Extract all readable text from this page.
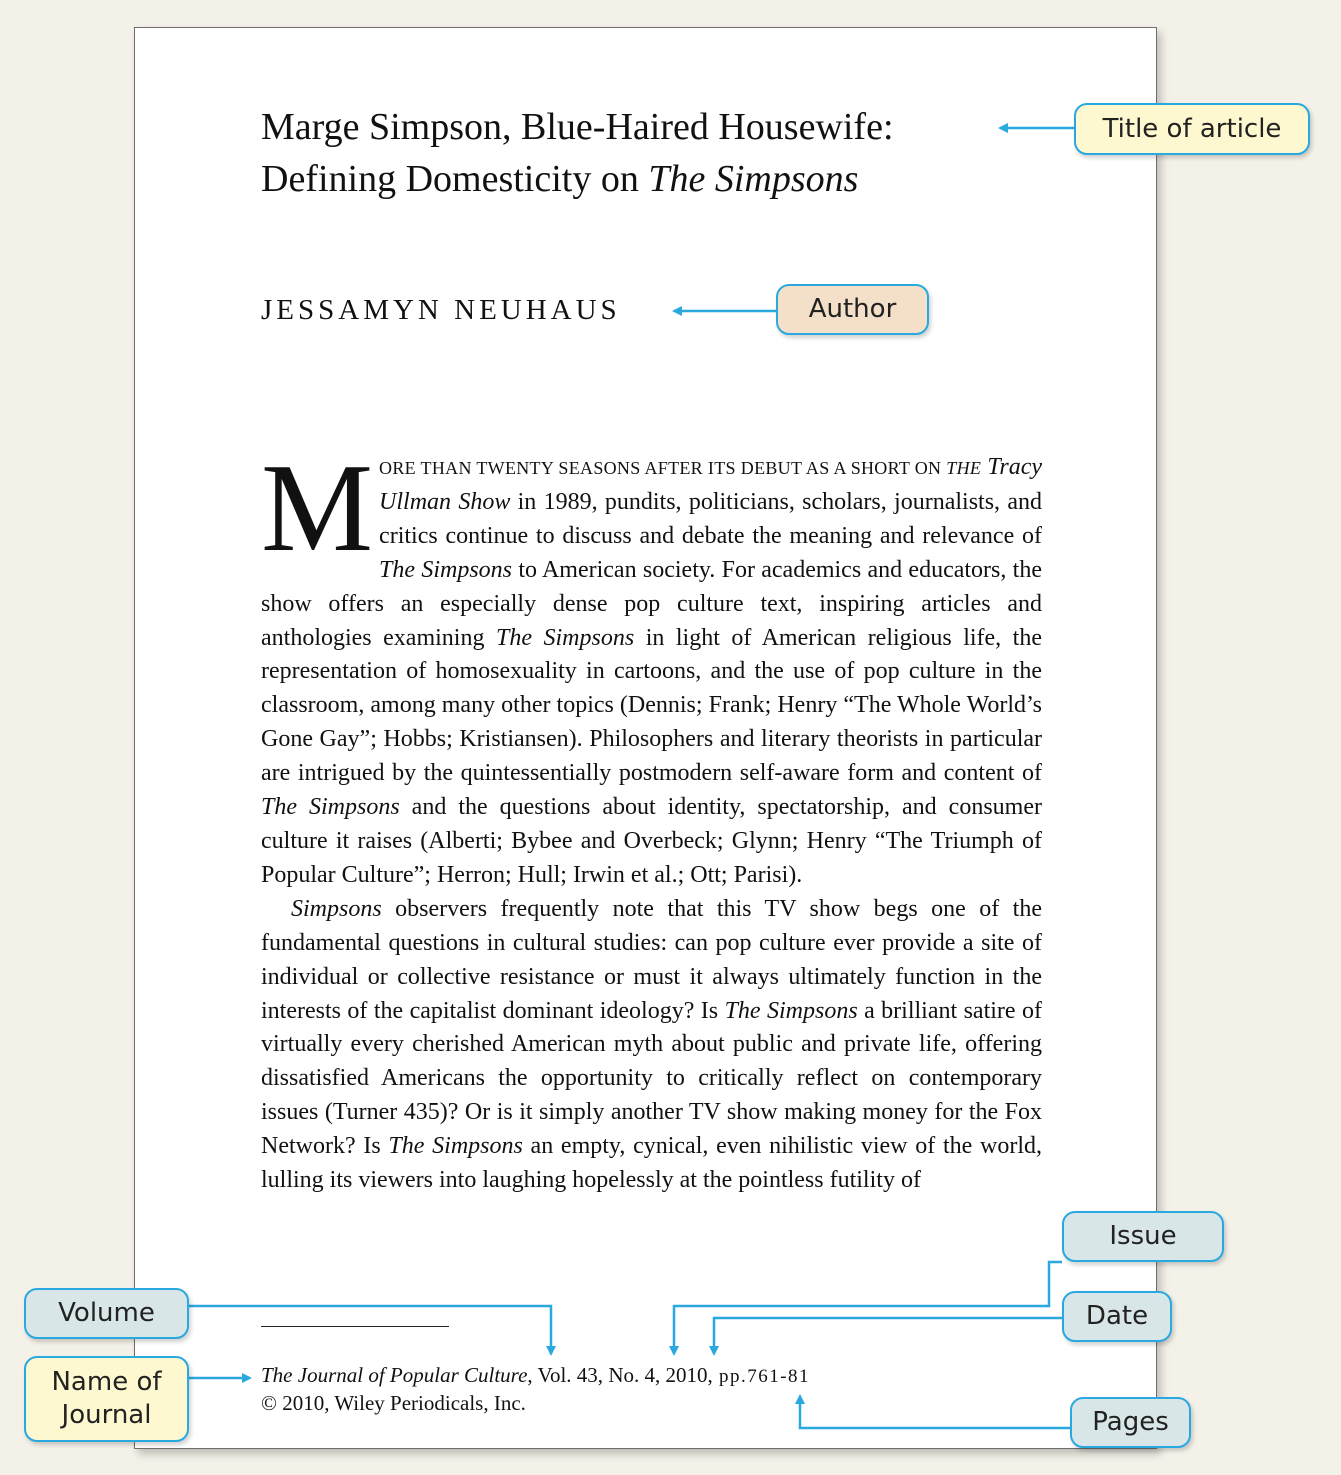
Marge Simpson, Blue-Haired Housewife:
Defining Domesticity on The Simpsons
JESSAMYN NEUHAUS

MORE THAN TWENTY SEASONS AFTER ITS DEBUT AS A SHORT ON THE Tracy Ullman Show in 1989, pundits, politicians, scholars, journalists, and critics continue to discuss and debate the meaning and relevance of The Simpsons to American society. For academics and educators, the show offers an especially dense pop culture text, inspiring articles and anthologies examining The Simpsons in light of American religious life, the representation of homosexuality in cartoons, and the use of pop culture in the classroom, among many other topics (Dennis; Frank; Henry “The Whole World’s Gone Gay”; Hobbs; Kristiansen). Philosophers and literary theorists in particular are intrigued by the quintessentially postmodern self-aware form and content of The Simpsons and the questions about identity, spectatorship, and consumer culture it raises (Alberti; Bybee and Overbeck; Glynn; Henry “The Triumph of Popular Culture”; Herron; Hull; Irwin et al.; Ott; Parisi).

Simpsons observers frequently note that this TV show begs one of the fundamental questions in cultural studies: can pop culture ever provide a site of individual or collective resistance or must it always ultimately function in the interests of the capitalist dominant ideology? Is The Simpsons a brilliant satire of virtually every cherished American myth about public and private life, offering dissatisfied Americans the opportunity to critically reflect on contemporary issues (Turner 435)? Or is it simply another TV show making money for the Fox Network? Is The Simpsons an empty, cynical, even nihilistic view of the world, lulling its viewers into laughing hopelessly at the pointless futility of

The Journal of Popular Culture, Vol. 43, No. 4, 2010, pp.761-81
© 2010, Wiley Periodicals, Inc.
Title of article
Author
Issue
Volume	Date
Name of Journal	Pages
